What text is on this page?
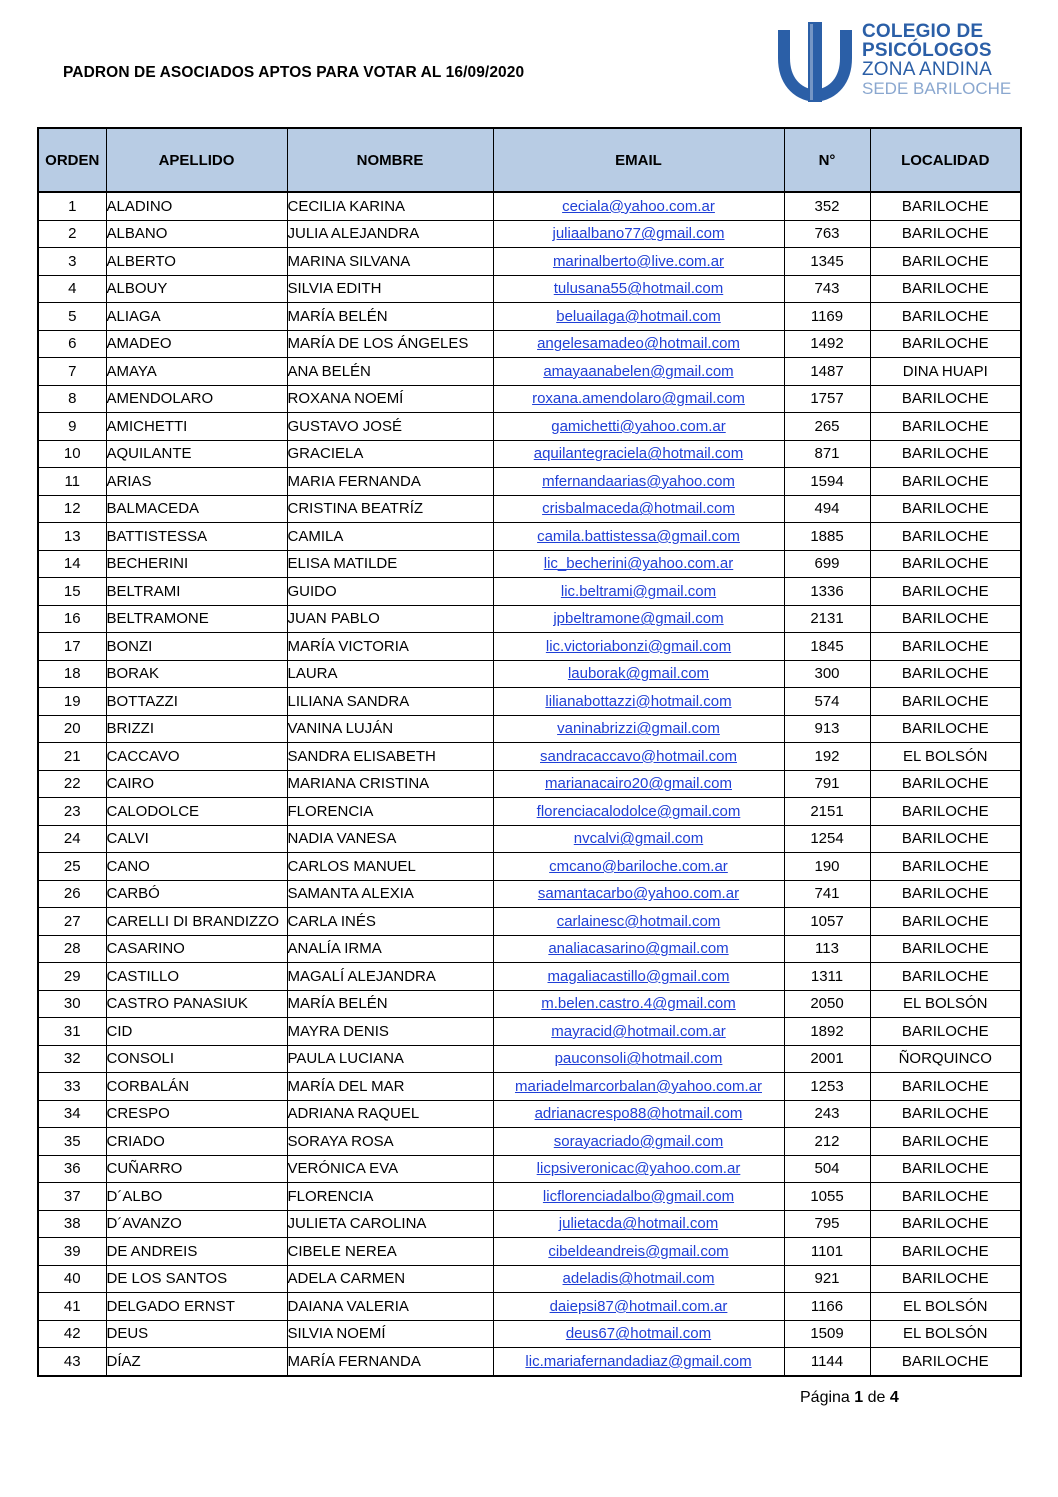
PADRON DE ASOCIADOS APTOS PARA VOTAR AL 16/09/2020
COLEGIO DE
PSICÓLOGOS
ZONA ANDINA
SEDE BARILOCHE
ORDEN	APELLIDO	NOMBRE	EMAIL	N°	LOCALIDAD
1	ALADINO	CECILIA KARINA	ceciala@yahoo.com.ar	352	BARILOCHE
2	ALBANO	JULIA ALEJANDRA	juliaalbano77@gmail.com	763	BARILOCHE
3	ALBERTO	MARINA SILVANA	marinalberto@live.com.ar	1345	BARILOCHE
4	ALBOUY	SILVIA EDITH	tulusana55@hotmail.com	743	BARILOCHE
5	ALIAGA	MARÍA BELÉN	beluailaga@hotmail.com	1169	BARILOCHE
6	AMADEO	MARÍA DE LOS ÁNGELES	angelesamadeo@hotmail.com	1492	BARILOCHE
7	AMAYA	ANA BELÉN	amayaanabelen@gmail.com	1487	DINA HUAPI
8	AMENDOLARO	ROXANA NOEMÍ	roxana.amendolaro@gmail.com	1757	BARILOCHE
9	AMICHETTI	GUSTAVO JOSÉ	gamichetti@yahoo.com.ar	265	BARILOCHE
10	AQUILANTE	GRACIELA	aquilantegraciela@hotmail.com	871	BARILOCHE
11	ARIAS	MARIA FERNANDA	mfernandaarias@yahoo.com	1594	BARILOCHE
12	BALMACEDA	CRISTINA BEATRÍZ	crisbalmaceda@hotmail.com	494	BARILOCHE
13	BATTISTESSA	CAMILA	camila.battistessa@gmail.com	1885	BARILOCHE
14	BECHERINI	ELISA MATILDE	lic_becherini@yahoo.com.ar	699	BARILOCHE
15	BELTRAMI	GUIDO	lic.beltrami@gmail.com	1336	BARILOCHE
16	BELTRAMONE	JUAN PABLO	jpbeltramone@gmail.com	2131	BARILOCHE
17	BONZI	MARÍA VICTORIA	lic.victoriabonzi@gmail.com	1845	BARILOCHE
18	BORAK	LAURA	lauborak@gmail.com	300	BARILOCHE
19	BOTTAZZI	LILIANA SANDRA	lilianabottazzi@hotmail.com	574	BARILOCHE
20	BRIZZI	VANINA LUJÁN	vaninabrizzi@gmail.com	913	BARILOCHE
21	CACCAVO	SANDRA ELISABETH	sandracaccavo@hotmail.com	192	EL BOLSÓN
22	CAIRO	MARIANA CRISTINA	marianacairo20@gmail.com	791	BARILOCHE
23	CALODOLCE	FLORENCIA	florenciacalodolce@gmail.com	2151	BARILOCHE
24	CALVI	NADIA VANESA	nvcalvi@gmail.com	1254	BARILOCHE
25	CANO	CARLOS MANUEL	cmcano@bariloche.com.ar	190	BARILOCHE
26	CARBÓ	SAMANTA ALEXIA	samantacarbo@yahoo.com.ar	741	BARILOCHE
27	CARELLI DI BRANDIZZO	CARLA INÉS	carlainesc@hotmail.com	1057	BARILOCHE
28	CASARINO	ANALÍA IRMA	analiacasarino@gmail.com	113	BARILOCHE
29	CASTILLO	MAGALÍ ALEJANDRA	magaliacastillo@gmail.com	1311	BARILOCHE
30	CASTRO PANASIUK	MARÍA BELÉN	m.belen.castro.4@gmail.com	2050	EL BOLSÓN
31	CID	MAYRA DENIS	mayracid@hotmail.com.ar	1892	BARILOCHE
32	CONSOLI	PAULA LUCIANA	pauconsoli@hotmail.com	2001	ÑORQUINCO
33	CORBALÁN	MARÍA DEL MAR	mariadelmarcorbalan@yahoo.com.ar	1253	BARILOCHE
34	CRESPO	ADRIANA RAQUEL	adrianacrespo88@hotmail.com	243	BARILOCHE
35	CRIADO	SORAYA ROSA	sorayacriado@gmail.com	212	BARILOCHE
36	CUÑARRO	VERÓNICA EVA	licpsiveronicac@yahoo.com.ar	504	BARILOCHE
37	D´ALBO	FLORENCIA	licflorenciadalbo@gmail.com	1055	BARILOCHE
38	D´AVANZO	JULIETA CAROLINA	julietacda@hotmail.com	795	BARILOCHE
39	DE ANDREIS	CIBELE NEREA	cibeldeandreis@gmail.com	1101	BARILOCHE
40	DE LOS SANTOS	ADELA CARMEN	adeladis@hotmail.com	921	BARILOCHE
41	DELGADO ERNST	DAIANA VALERIA	daiepsi87@hotmail.com.ar	1166	EL BOLSÓN
42	DEUS	SILVIA NOEMÍ	deus67@hotmail.com	1509	EL BOLSÓN
43	DÍAZ	MARÍA FERNANDA	lic.mariafernandadiaz@gmail.com	1144	BARILOCHE
Página 1 de 4
